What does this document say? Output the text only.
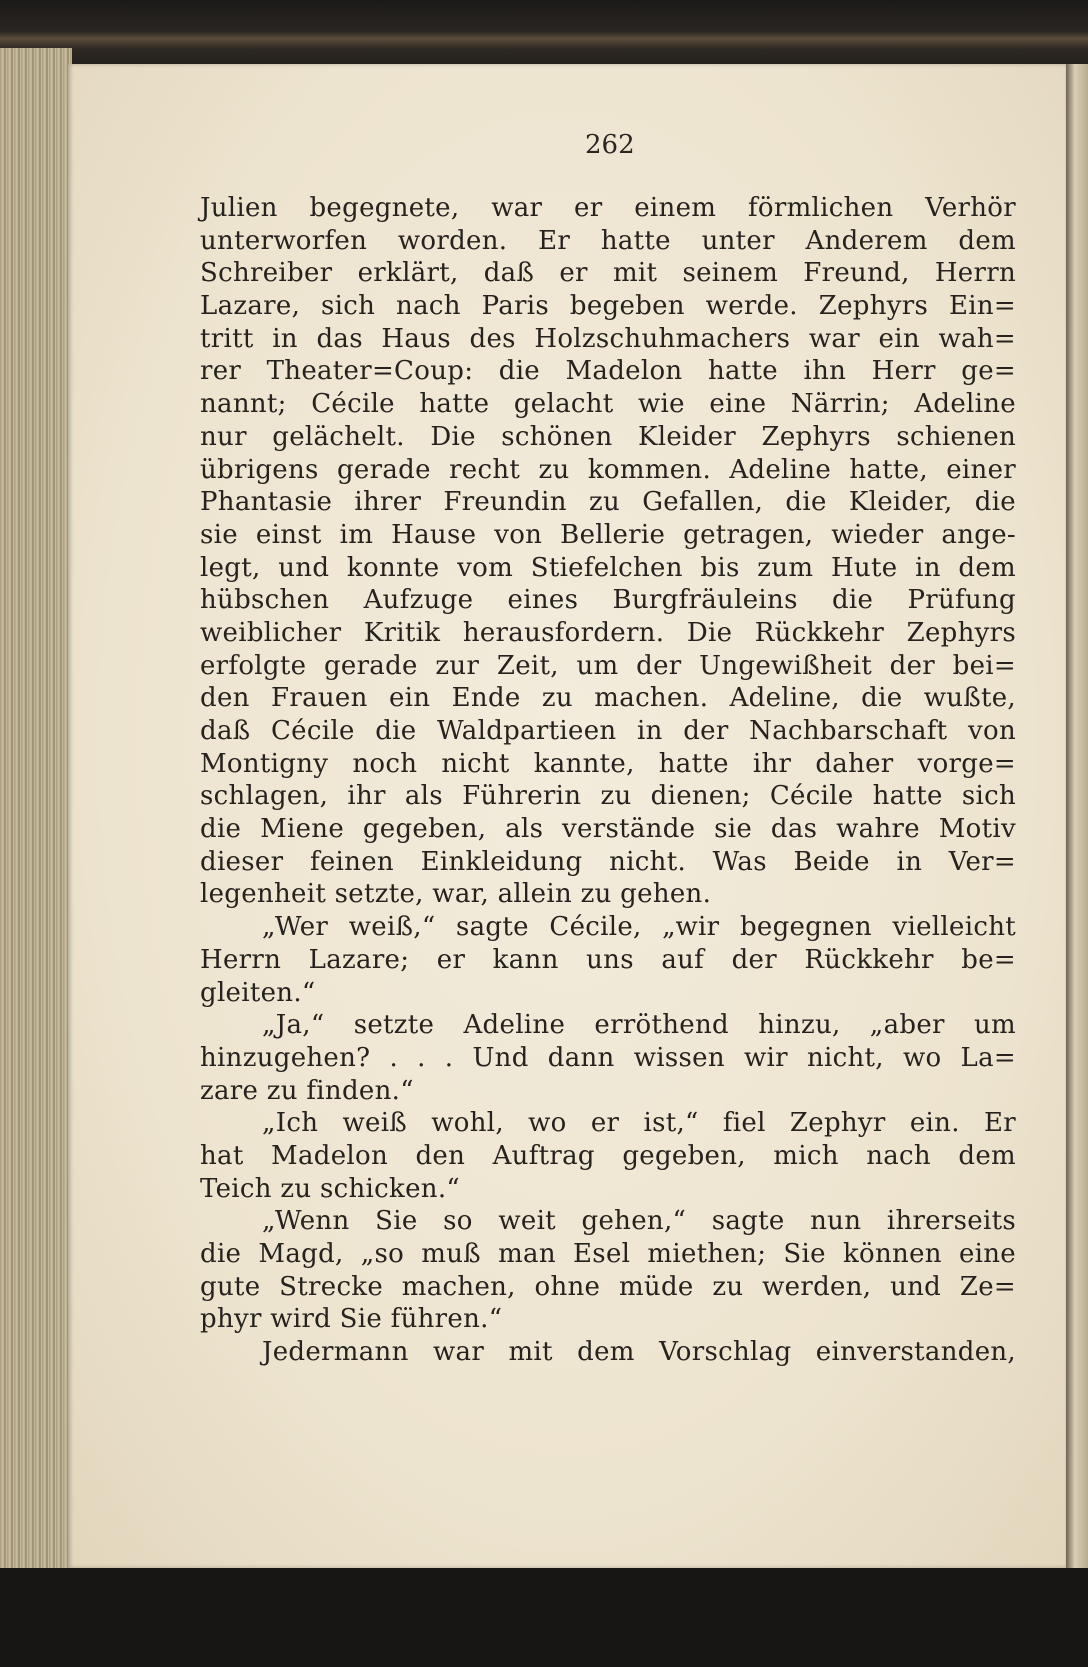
262
Julien begegnete, war er einem förmlichen Verhör
unterworfen worden. Er hatte unter Anderem dem
Schreiber erklärt, daß er mit seinem Freund, Herrn
Lazare, sich nach Paris begeben werde. Zephyrs Ein=
tritt in das Haus des Holzschuhmachers war ein wah=
rer Theater=Coup: die Madelon hatte ihn Herr ge=
nannt; Cécile hatte gelacht wie eine Närrin; Adeline
nur gelächelt. Die schönen Kleider Zephyrs schienen
übrigens gerade recht zu kommen. Adeline hatte, einer
Phantasie ihrer Freundin zu Gefallen, die Kleider, die
sie einst im Hause von Bellerie getragen, wieder ange-
legt, und konnte vom Stiefelchen bis zum Hute in dem
hübschen Aufzuge eines Burgfräuleins die Prüfung
weiblicher Kritik herausfordern. Die Rückkehr Zephyrs
erfolgte gerade zur Zeit, um der Ungewißheit der bei=
den Frauen ein Ende zu machen. Adeline, die wußte,
daß Cécile die Waldpartieen in der Nachbarschaft von
Montigny noch nicht kannte, hatte ihr daher vorge=
schlagen, ihr als Führerin zu dienen; Cécile hatte sich
die Miene gegeben, als verstände sie das wahre Motiv
dieser feinen Einkleidung nicht. Was Beide in Ver=
legenheit setzte, war, allein zu gehen.
„Wer weiß,“ sagte Cécile, „wir begegnen vielleicht
Herrn Lazare; er kann uns auf der Rückkehr be=
gleiten.“
„Ja,“ setzte Adeline erröthend hinzu, „aber um
hinzugehen? . . . Und dann wissen wir nicht, wo La=
zare zu finden.“
„Ich weiß wohl, wo er ist,“ fiel Zephyr ein. Er
hat Madelon den Auftrag gegeben, mich nach dem
Teich zu schicken.“
„Wenn Sie so weit gehen,“ sagte nun ihrerseits
die Magd, „so muß man Esel miethen; Sie können eine
gute Strecke machen, ohne müde zu werden, und Ze=
phyr wird Sie führen.“
Jedermann war mit dem Vorschlag einverstanden,
